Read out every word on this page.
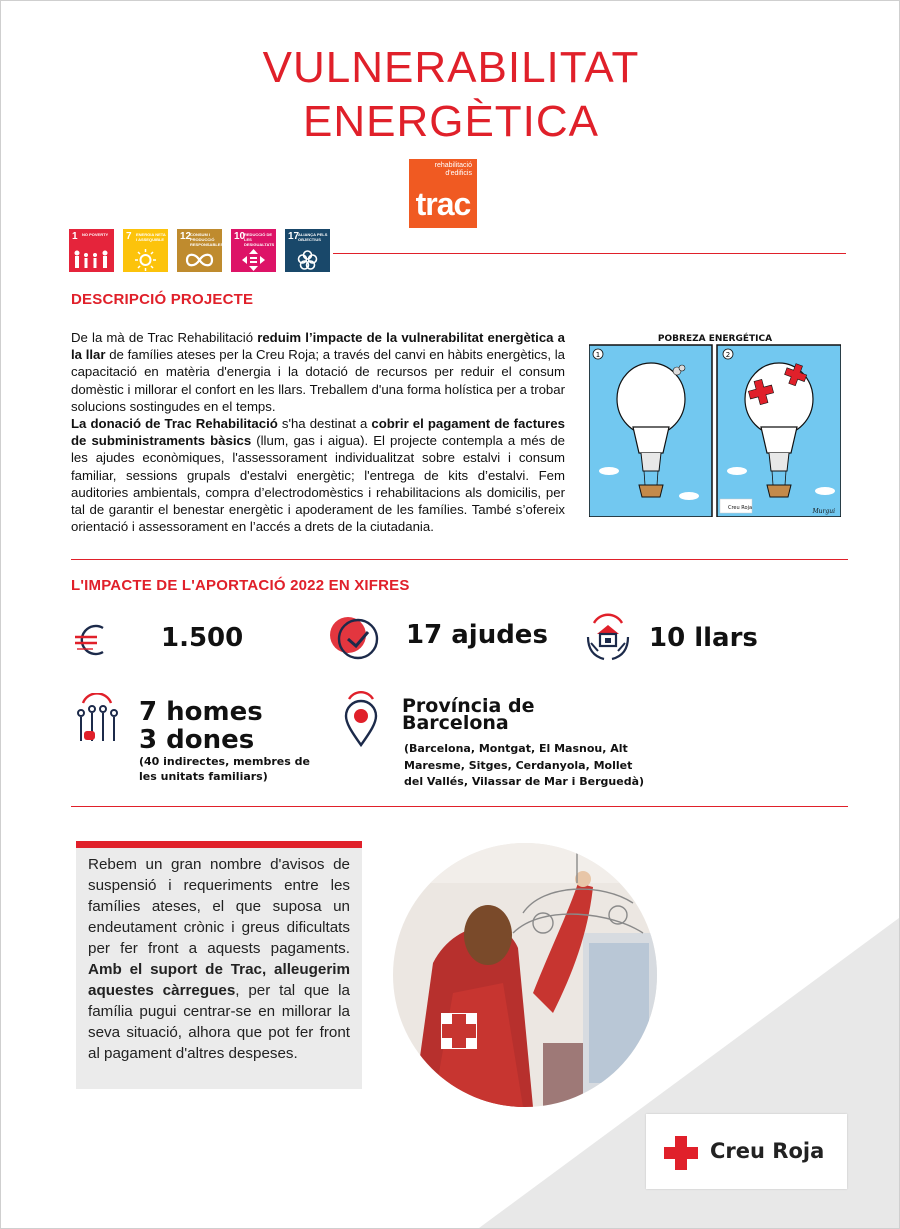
VULNERABILITAT
ENERGÈTICA
rehabilitació
d'edificis
trac
1 NO POVERTY	7 ENERGIA NETA I ASSEQUIBLE 12
CONSUM I PRODUCCIÓ RESPONSABLES
10
REDUCCIÓ DE LES DESIGUALTATS
17
ALIANÇA PELS OBJECTIUS
DESCRIPCIÓ PROJECTE
De la mà de Trac Rehabilitació reduim l’impacte de la vulnerabilitat energètica a la llar de famílies ateses per la Creu Roja; a través del canvi en hàbits energètics, la capacitació en matèria d'energia i la dotació de recursos per reduir el consum domèstic i millorar el confort en les llars. Treballem d'una forma holística per a trobar solucions sostingudes en el temps.
La donació de Trac Rehabilitació s'ha destinat a cobrir el pagament de factures de subministraments bàsics (llum, gas i aigua). El projecte contempla a més de les ajudes econòmiques, l'assessorament individualitzat sobre estalvi i consum familiar, sessions grupals d'estalvi energètic; l'entrega de kits d’estalvi. Fem auditories ambientals, compra d’electrodomèstics i rehabilitacions als domicilis, per tal de garantir el benestar energètic i apoderament de les famílies. També s’ofereix orientació i assessorament en l’accés a drets de la ciutadania.
POBREZA ENERGÉTICA
1	2
Creu Roja	Murgui
L'IMPACTE DE L'APORTACIÓ 2022 EN XIFRES
1.500	17 ajudes	10 llars
7 homes
3 dones
(40 indirectes, membres de les unitats familiars)
Província de
Barcelona
(Barcelona, Montgat, El Masnou, Alt Maresme, Sitges, Cerdanyola, Mollet del Vallés, Vilassar de Mar i Berguedà)
Rebem un gran nombre d'avisos de suspensió i requeriments entre les famílies ateses, el que suposa un endeutament crònic i greus dificultats per fer front a aquests pagaments. Amb el suport de Trac, alleugerim aquestes càrregues, per tal que la família pugui centrar-se en millorar la seva situació, alhora que pot fer front al pagament d'altres despeses.
Creu Roja
